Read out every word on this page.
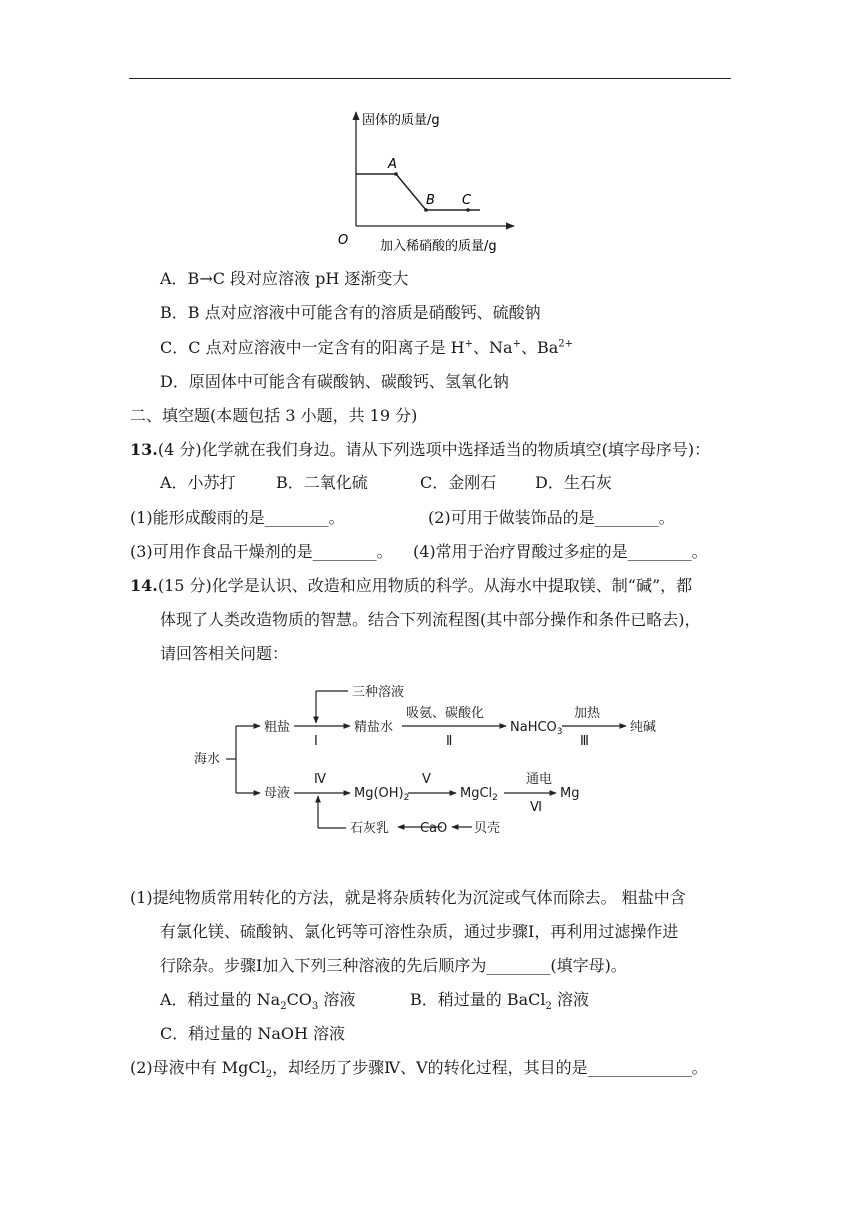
固体的质量/g
加入稀硝酸的质量/g
O
A
B C
A．B→C 段对应溶液 pH 逐渐变大
B．B 点对应溶液中可能含有的溶质是硝酸钙、硫酸钠
C．C 点对应溶液中一定含有的阳离子是 H+、Na+、$Ba^{2+}$
D．原固体中可能含有碳酸钠、碳酸钙、氢氧化钠
二、填空题(本题包括 3 小题，共 19 分)
13.(4 分)化学就在我们身边。请从下列选项中选择适当的物质填空(填字母序号)：
A．小苏打	B．二氧化硫	C．金刚石 D．生石灰
(1)能形成酸雨的是________。	(2)可用于做装饰品的是________。
(3)可用作食品干燥剂的是________。 (4)常用于治疗胃酸过多症的是________。
14.(15 分)化学是认识、改造和应用物质的科学。从海水中提取镁、制“碱”，都
体现了人类改造物质的智慧。结合下列流程图(其中部分操作和条件已略去)，
请回答相关问题：
海水
粗盐
三种溶液
Ⅰ
精盐水
吸氨、碳酸化
Ⅱ
NaHCO$_3$
加热
Ⅲ
纯碱
母液
Ⅳ
$Mg(OH)_2$
Ⅴ
MgCl$_2$
通电
Ⅵ
Mg
石灰乳 CaO 贝壳
(1)提纯物质常用转化的方法，就是将杂质转化为沉淀或气体而除去。 粗盐中含
有氯化镁、硫酸钠、氯化钙等可溶性杂质，通过步骤Ⅰ，再利用过滤操作进
行除杂。步骤Ⅰ加入下列三种溶液的先后顺序为________(填字母)。
A．稍过量的 $Na_2CO_3$ 溶液	B．稍过量的 BaCl$_2$ 溶液
C．稍过量的 NaOH 溶液
(2)母液中有 MgCl$_2$，却经历了步骤Ⅳ、Ⅴ的转化过程，其目的是_____________。
